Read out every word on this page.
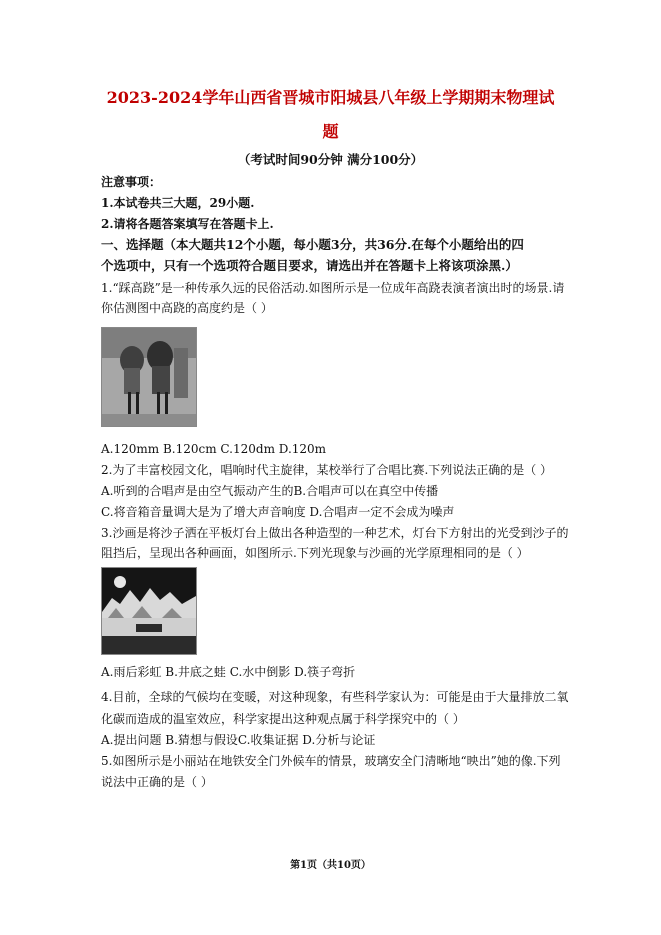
2023-2024学年山西省晋城市阳城县八年级上学期期末物理试
题
（考试时间90分钟 满分100分）
注意事项：
1.本试卷共三大题，29小题.
2.请将各题答案填写在答题卡上.
一、选择题（本大题共12个小题，每小题3分，共36分.在每个小题给出的四
个选项中，只有一个选项符合题目要求，请选出并在答题卡上将该项涂黑.）
1.“踩高跷”是一种传承久远的民俗活动.如图所示是一位成年高跷表演者演出时的场景.请
你估测图中高跷的高度约是（ ）
A.120mm B.120cm C.120dm D.120m
2.为了丰富校园文化，唱响时代主旋律，某校举行了合唱比赛.下列说法正确的是（ ）
A.听到的合唱声是由空气振动产生的B.合唱声可以在真空中传播
C.将音箱音量调大是为了增大声音响度 D.合唱声一定不会成为噪声
3.沙画是将沙子洒在平板灯台上做出各种造型的一种艺术，灯台下方射出的光受到沙子的
阻挡后，呈现出各种画面，如图所示.下列光现象与沙画的光学原理相同的是（ ）
A.雨后彩虹 B.井底之蛙 C.水中倒影 D.筷子弯折
4.目前，全球的气候均在变暖，对这种现象，有些科学家认为：可能是由于大量排放二氧
化碳而造成的温室效应，科学家提出这种观点属于科学探究中的（ ）
A.提出问题 B.猜想与假设C.收集证据 D.分析与论证
5.如图所示是小丽站在地铁安全门外候车的情景，玻璃安全门清晰地“映出”她的像.下列
说法中正确的是（ ）
第1页（共10页）
